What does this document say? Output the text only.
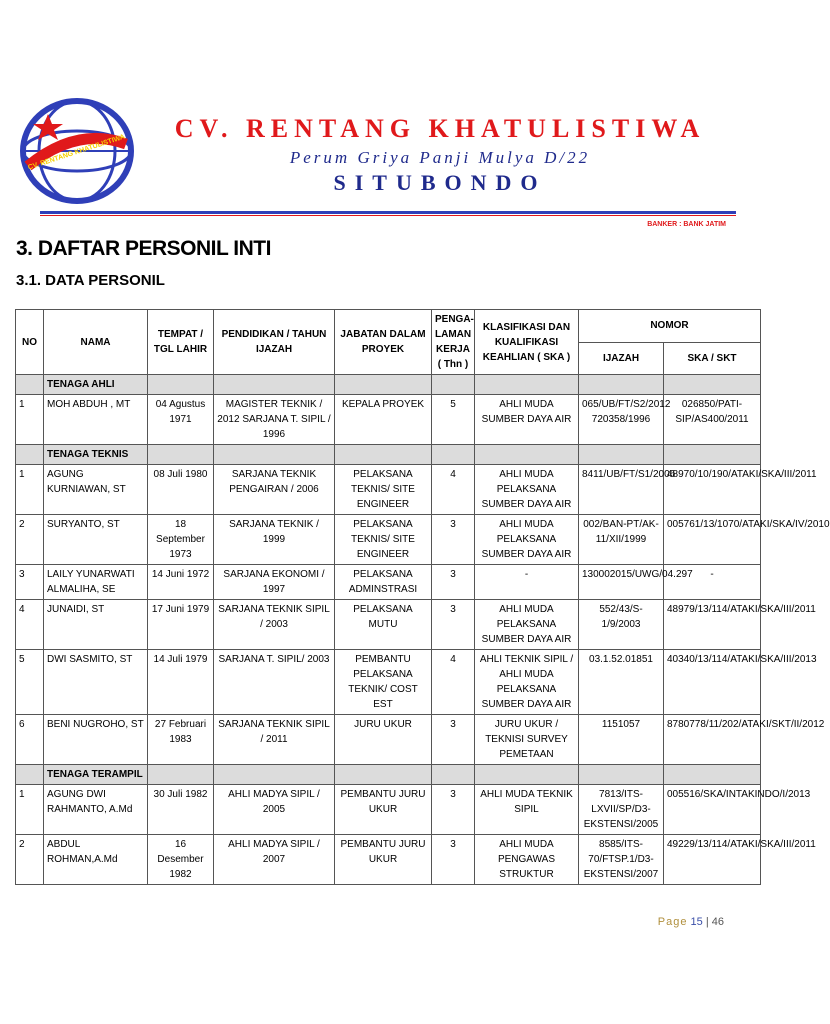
CV. RENTANG KHATULISTIWA
CV. RENTANG KHATULISTIWA
Perum Griya Panji Mulya D/22
SITUBONDO
BANKER : BANK JATIM
3. DAFTAR PERSONIL INTI
3.1. DATA PERSONIL
NO	NAMA	TEMPAT / TGL LAHIR	PENDIDIKAN / TAHUN IJAZAH	JABATAN DALAM PROYEK	PENGA- LAMAN KERJA ( Thn )	KLASIFIKASI DAN KUALIFIKASI KEAHLIAN ( SKA )	NOMOR	
							IJAZAH	SKA / SKT
	TENAGA AHLI							
1	MOH ABDUH , MT	04 Agustus 1971	MAGISTER TEKNIK / 2012 SARJANA T. SIPIL / 1996	KEPALA PROYEK	5	AHLI MUDA SUMBER DAYA AIR	065/UB/FT/S2/2012 720358/1996	026850/PATI-SIP/AS400/2011
	TENAGA TEKNIS							
1	AGUNG KURNIAWAN, ST	08 Juli 1980	SARJANA TEKNIK PENGAIRAN / 2006	PELAKSANA TEKNIS/ SITE ENGINEER	4	AHLI MUDA PELAKSANA SUMBER DAYA AIR	8411/UB/FT/S1/2006	48970/10/190/ATAKI/SKA/III/2011
2	SURYANTO, ST	18 September 1973	SARJANA TEKNIK / 1999	PELAKSANA TEKNIS/ SITE ENGINEER	3	AHLI MUDA PELAKSANA SUMBER DAYA AIR	002/BAN-PT/AK-11/XII/1999	005761/13/1070/ATAKI/SKA/IV/2010
3	LAILY YUNARWATI ALMALIHA, SE	14 Juni 1972	SARJANA EKONOMI / 1997	PELAKSANA ADMINSTRASI	3	-	130002015/UWG/04.297	-
4	JUNAIDI, ST	17 Juni 1979	SARJANA TEKNIK SIPIL / 2003	PELAKSANA MUTU	3	AHLI MUDA PELAKSANA SUMBER DAYA AIR	552/43/S-1/9/2003	48979/13/114/ATAKI/SKA/III/2011
5	DWI SASMITO, ST	14 Juli 1979	SARJANA T. SIPIL/ 2003	PEMBANTU PELAKSANA TEKNIK/ COST EST	4	AHLI TEKNIK SIPIL / AHLI MUDA PELAKSANA SUMBER DAYA AIR	03.1.52.01851	40340/13/114/ATAKI/SKA/III/2013
6	BENI NUGROHO, ST	27 Februari 1983	SARJANA TEKNIK SIPIL / 2011	JURU UKUR	3	JURU UKUR / TEKNISI SURVEY PEMETAAN	1151057	8780778/11/202/ATAKI/SKT/II/2012
	TENAGA TERAMPIL							
1	AGUNG DWI RAHMANTO, A.Md	30 Juli 1982	AHLI MADYA SIPIL / 2005	PEMBANTU JURU UKUR	3	AHLI MUDA TEKNIK SIPIL	7813/ITS-LXVII/SP/D3-EKSTENSI/2005	005516/SKA/INTAKINDO/I/2013
2	ABDUL ROHMAN,A.Md	16 Desember 1982	AHLI MADYA SIPIL / 2007	PEMBANTU JURU UKUR	3	AHLI MUDA PENGAWAS STRUKTUR	8585/ITS-70/FTSP.1/D3-EKSTENSI/2007	49229/13/114/ATAKI/SKA/III/2011
Page 15 | 46
